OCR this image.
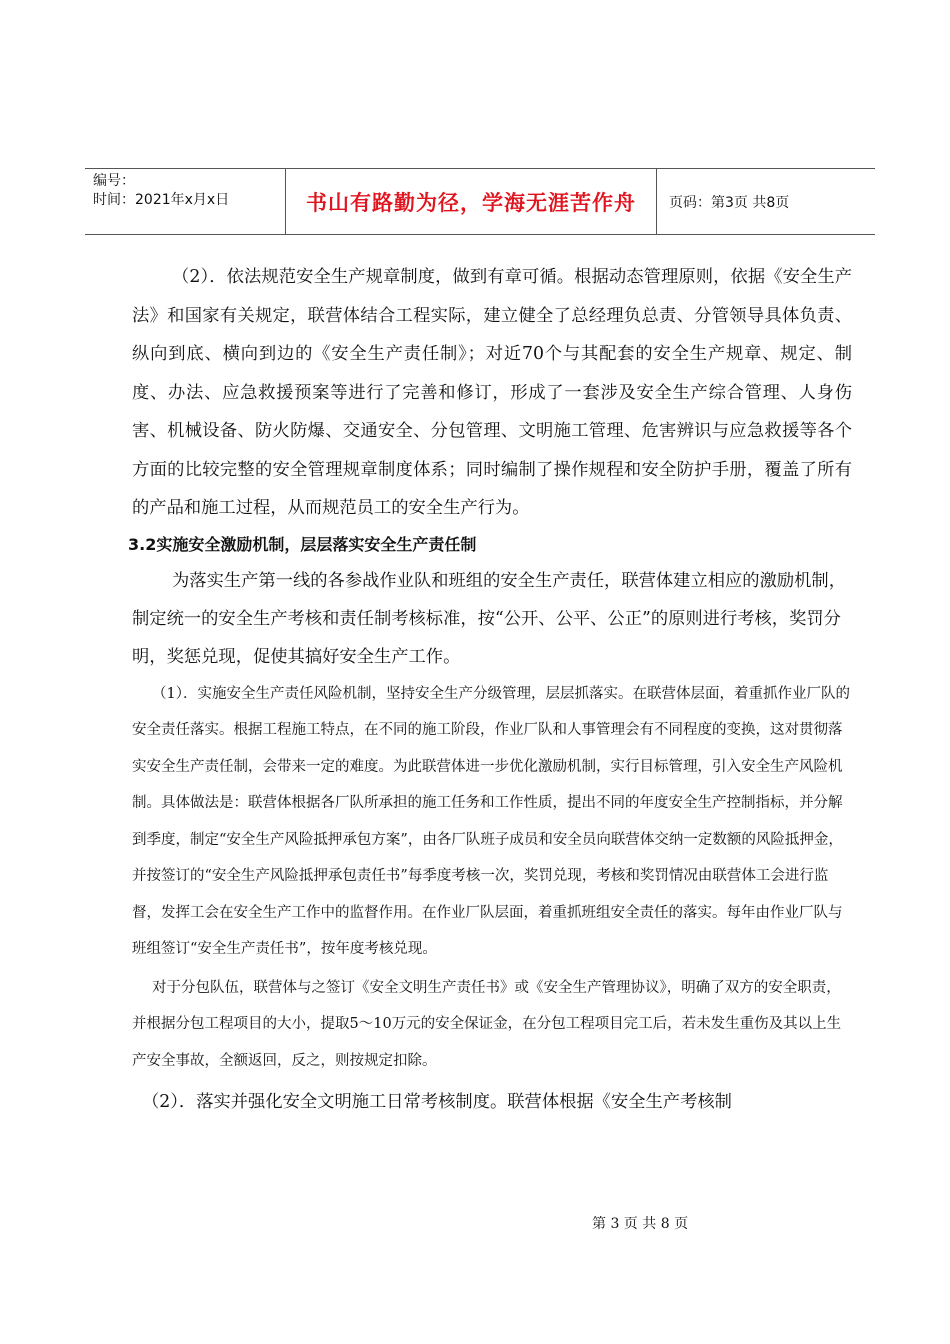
编号：
时间：2021年x月x日	书山有路勤为径，学海无涯苦作舟	页码：第3页 共8页

（2）．依法规范安全生产规章制度，做到有章可循。根据动态管理原则，依据《安全生产法》和国家有关规定，联营体结合工程实际，建立健全了总经理负总责、分管领导具体负责、纵向到底、横向到边的《安全生产责任制》；对近70个与其配套的安全生产规章、规定、制度、办法、应急救援预案等进行了完善和修订，形成了一套涉及安全生产综合管理、人身伤害、机械设备、防火防爆、交通安全、分包管理、文明施工管理、危害辨识与应急救援等各个方面的比较完整的安全管理规章制度体系；同时编制了操作规程和安全防护手册，覆盖了所有的产品和施工过程，从而规范员工的安全生产行为。

3.2实施安全激励机制，层层落实安全生产责任制

为落实生产第一线的各参战作业队和班组的安全生产责任，联营体建立相应的激励机制，制定统一的安全生产考核和责任制考核标准，按“公开、公平、公正”的原则进行考核，奖罚分明，奖惩兑现，促使其搞好安全生产工作。

（1）．实施安全生产责任风险机制，坚持安全生产分级管理，层层抓落实。在联营体层面，着重抓作业厂队的安全责任落实。根据工程施工特点，在不同的施工阶段，作业厂队和人事管理会有不同程度的变换，这对贯彻落实安全生产责任制，会带来一定的难度。为此联营体进一步优化激励机制，实行目标管理，引入安全生产风险机制。具体做法是：联营体根据各厂队所承担的施工任务和工作性质，提出不同的年度安全生产控制指标，并分解到季度，制定“安全生产风险抵押承包方案”，由各厂队班子成员和安全员向联营体交纳一定数额的风险抵押金，并按签订的“安全生产风险抵押承包责任书”每季度考核一次，奖罚兑现，考核和奖罚情况由联营体工会进行监督，发挥工会在安全生产工作中的监督作用。在作业厂队层面，着重抓班组安全责任的落实。每年由作业厂队与班组签订“安全生产责任书”，按年度考核兑现。

对于分包队伍，联营体与之签订《安全文明生产责任书》或《安全生产管理协议》，明确了双方的安全职责，并根据分包工程项目的大小，提取5～10万元的安全保证金，在分包工程项目完工后，若未发生重伤及其以上生产安全事故，全额返回，反之，则按规定扣除。

（2）．落实并强化安全文明施工日常考核制度。联营体根据《安全生产考核制

第 3 页 共 8 页
